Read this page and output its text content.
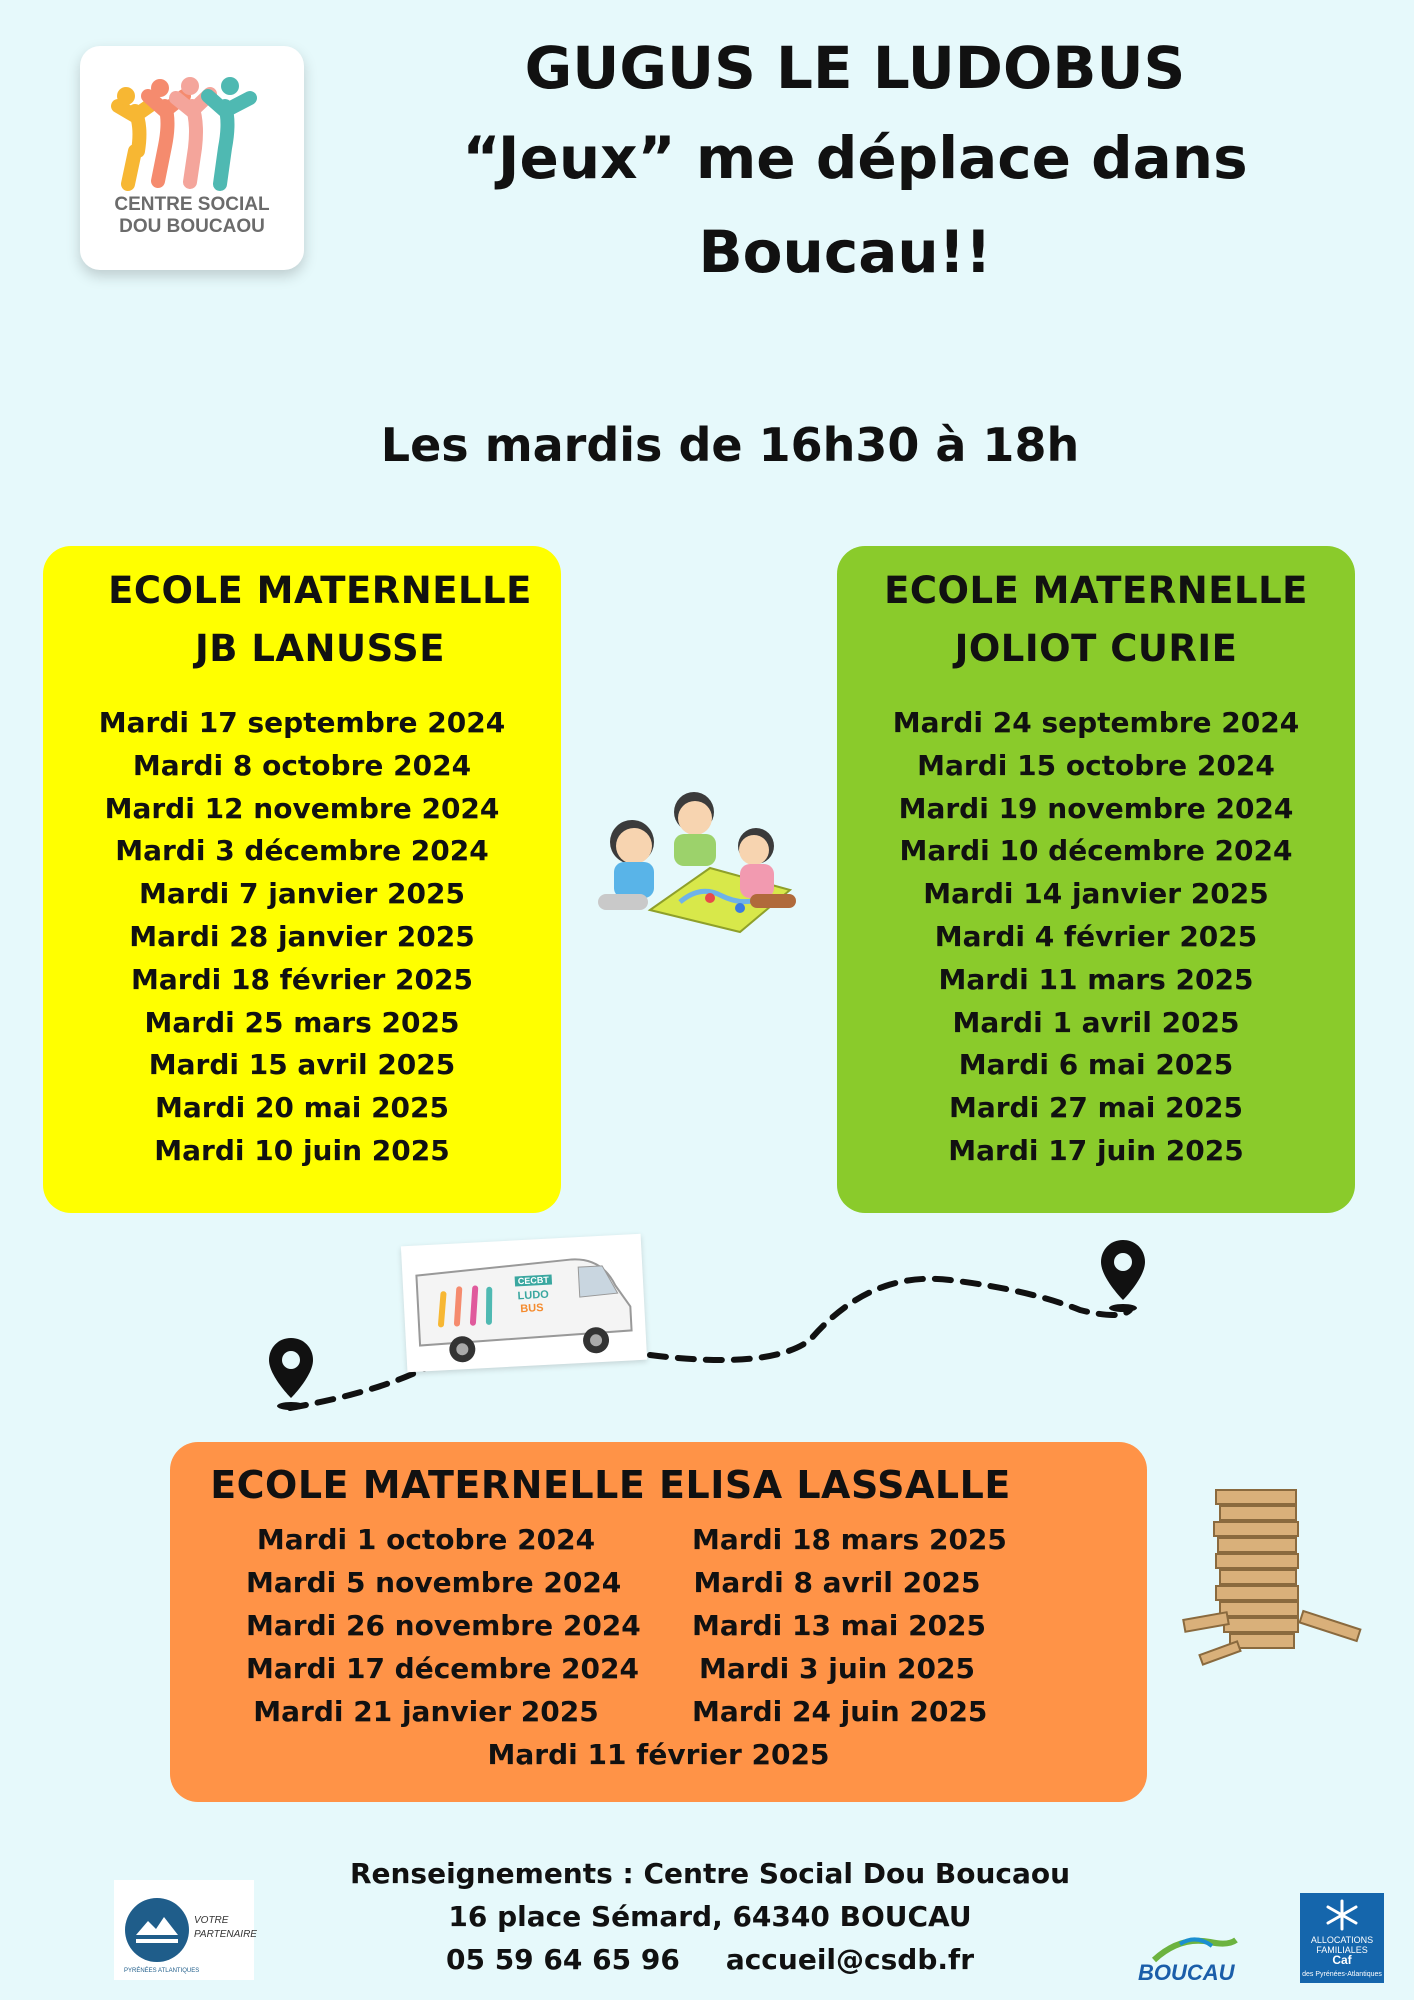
CENTRE SOCIAL
DOU BOUCAOU
GUGUS LE LUDOBUS
“Jeux” me déplace dans
Boucau!!
Les mardis de 16h30 à 18h
ECOLE MATERNELLE
JB LANUSSE
Mardi 17 septembre 2024
Mardi 8 octobre 2024
Mardi 12 novembre 2024
Mardi 3 décembre 2024
Mardi 7 janvier 2025
Mardi 28 janvier 2025
Mardi 18 février 2025
Mardi 25 mars 2025
Mardi 15 avril 2025
Mardi 20 mai 2025
Mardi 10 juin 2025
ECOLE MATERNELLE
JOLIOT CURIE
Mardi 24 septembre 2024
Mardi 15 octobre 2024
Mardi 19 novembre 2024
Mardi 10 décembre 2024
Mardi 14 janvier 2025
Mardi 4 février 2025
Mardi 11 mars 2025
Mardi 1 avril 2025
Mardi 6 mai 2025
Mardi 27 mai 2025
Mardi 17 juin 2025
CECBT
LUDO
BUS
ECOLE MATERNELLE ELISA LASSALLE
Mardi 1 octobre 2024
Mardi 5 novembre 2024
Mardi 26 novembre 2024
Mardi 17 décembre 2024
Mardi 21 janvier 2025
Mardi 18 mars 2025
Mardi 8 avril 2025
Mardi 13 mai 2025
Mardi 3 juin 2025
Mardi 24 juin 2025
Mardi 11 février 2025
Renseignements : Centre Social Dou Boucaou
16 place Sémard, 64340 BOUCAU
05 59 64 65 96 accueil@csdb.fr
PYRÉNÉES ATLANTIQUES
VOTRE
PARTENAIRE
BOUCAU
ALLOCATIONS
FAMILIALES
Caf
des Pyrénées-Atlantiques
